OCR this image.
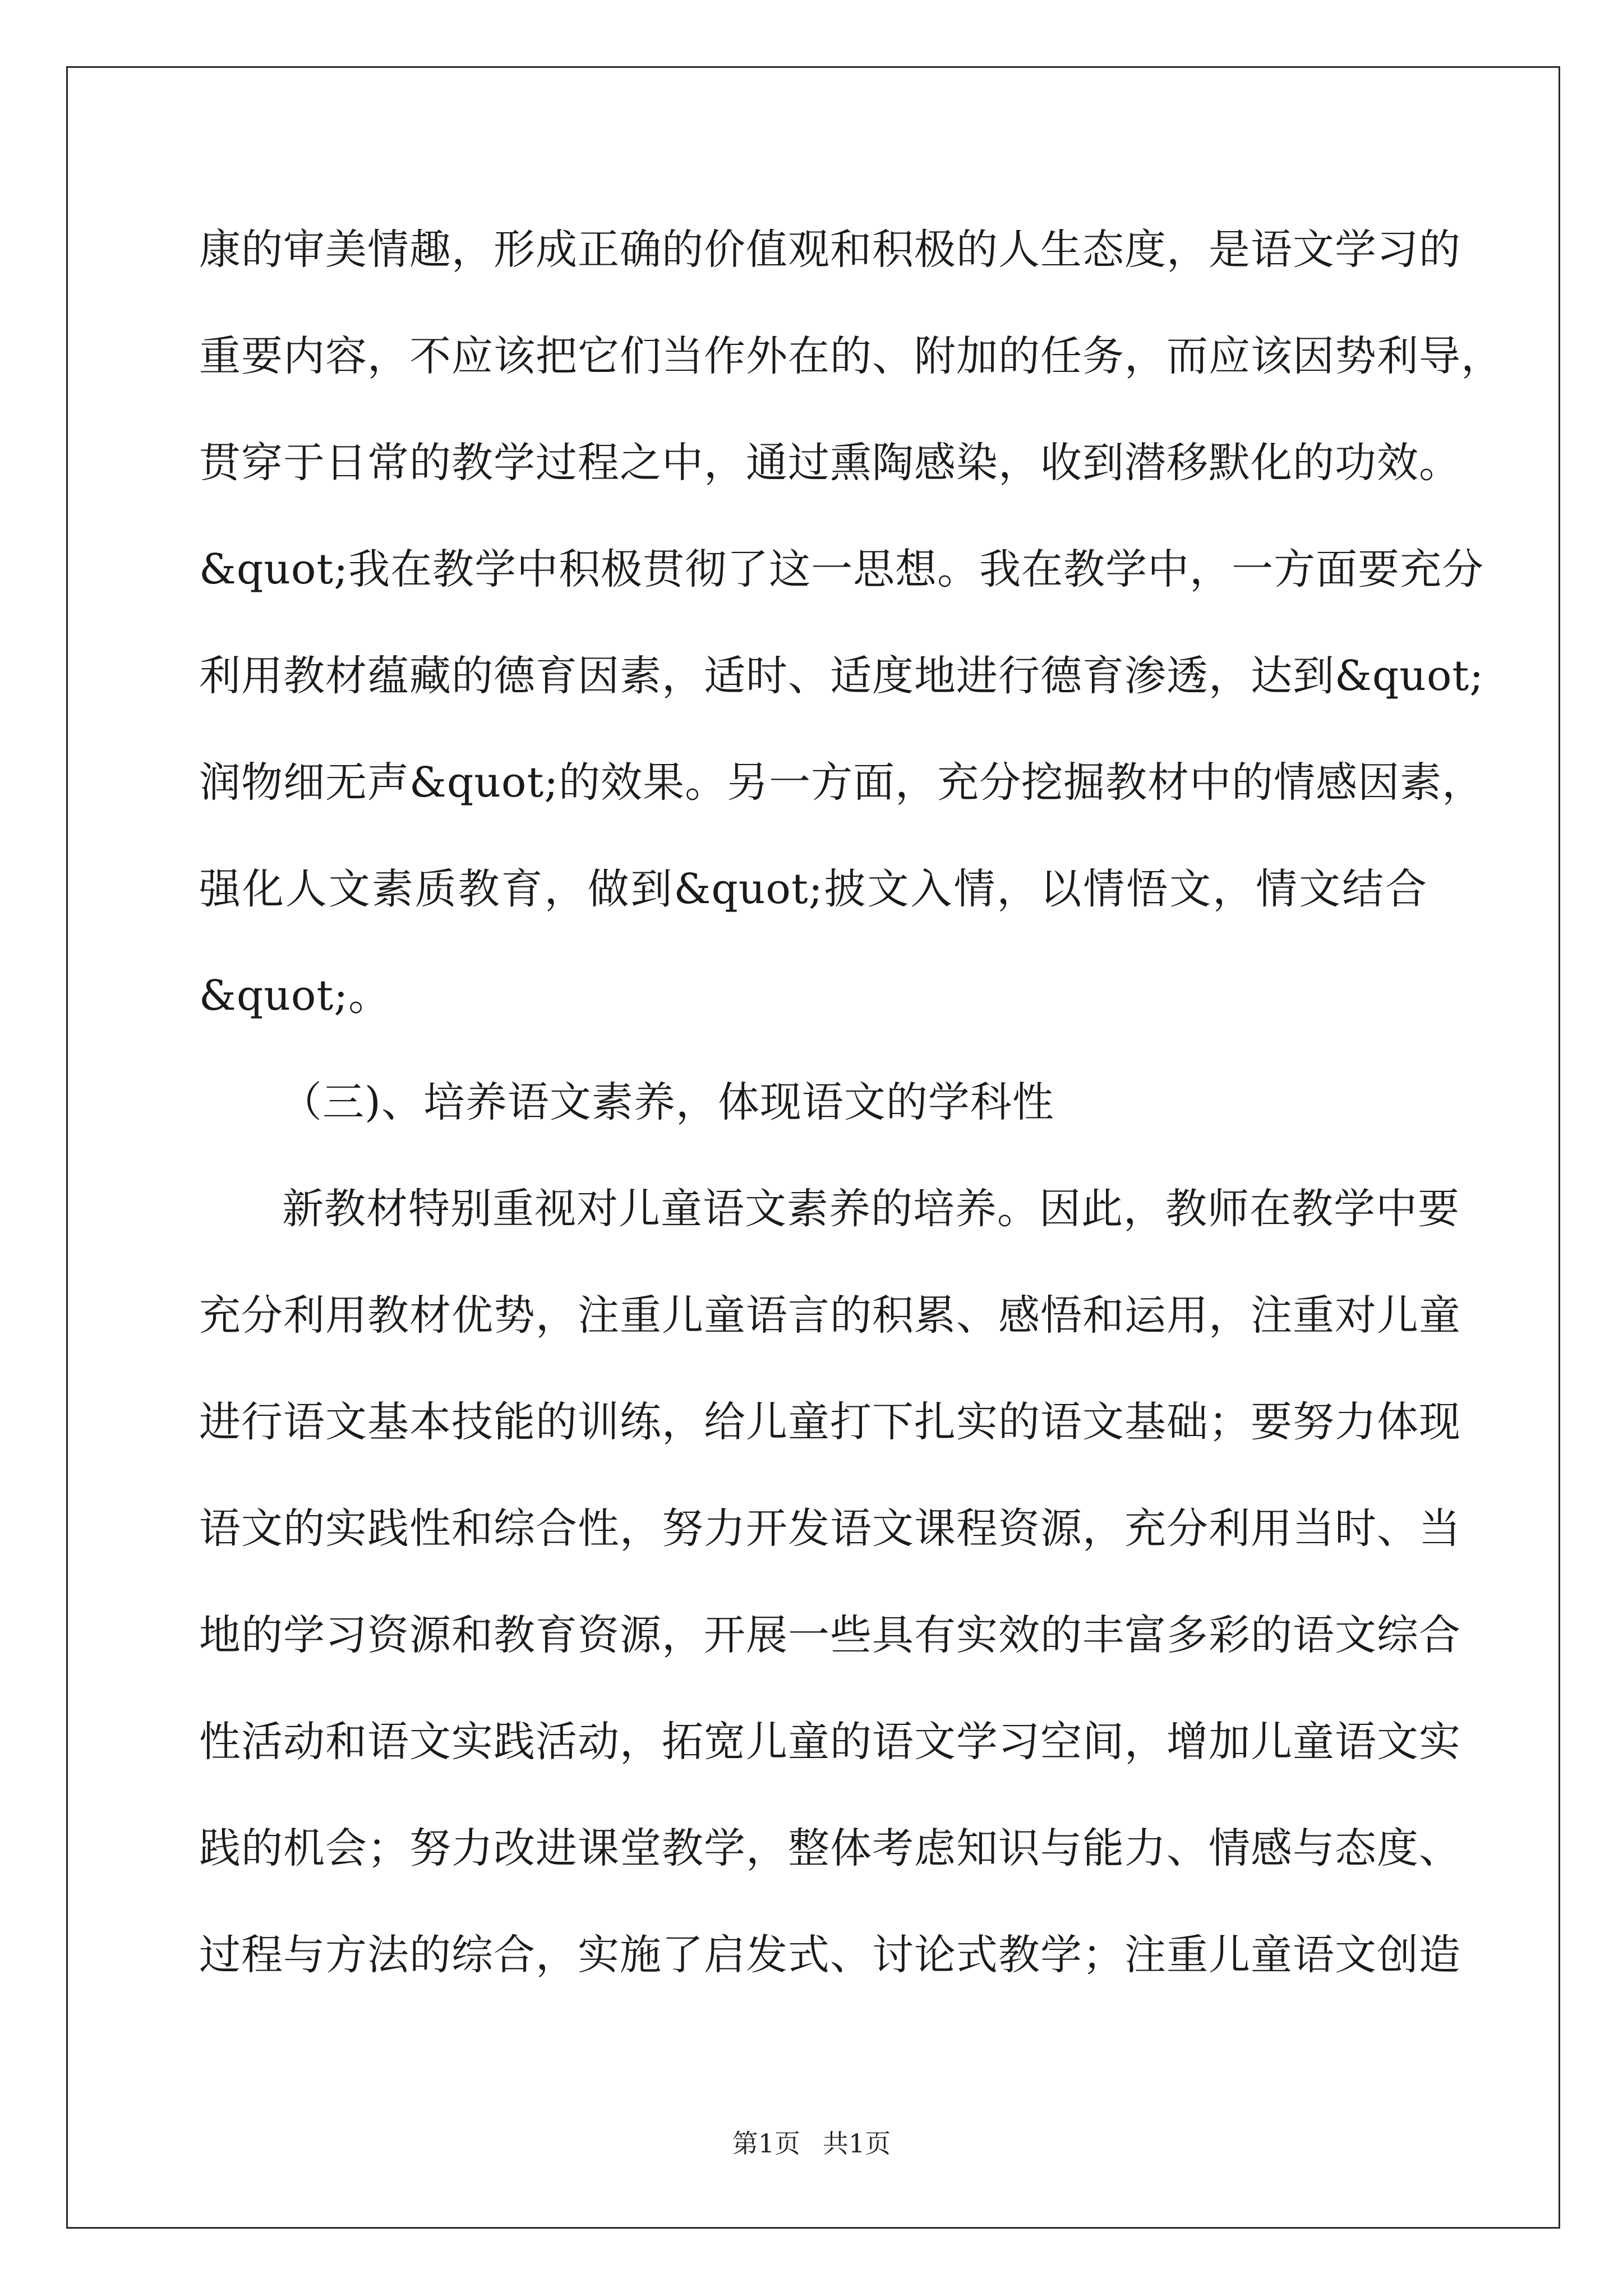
康的审美情趣，形成正确的价值观和积极的人生态度，是语文学习的
重要内容，不应该把它们当作外在的、附加的任务，而应该因势利导，
贯穿于日常的教学过程之中，通过熏陶感染，收到潜移默化的功效。
&quot;我在教学中积极贯彻了这一思想。我在教学中，一方面要充分
利用教材蕴藏的德育因素，适时、适度地进行德育渗透，达到&quot;
润物细无声&quot;的效果。另一方面，充分挖掘教材中的情感因素，
强化人文素质教育，做到&quot;披文入情，以情悟文，情文结合
&quot;。
（三)、培养语文素养，体现语文的学科性
新教材特别重视对儿童语文素养的培养。因此，教师在教学中要
充分利用教材优势，注重儿童语言的积累、感悟和运用，注重对儿童
进行语文基本技能的训练，给儿童打下扎实的语文基础；要努力体现
语文的实践性和综合性，努力开发语文课程资源，充分利用当时、当
地的学习资源和教育资源，开展一些具有实效的丰富多彩的语文综合
性活动和语文实践活动，拓宽儿童的语文学习空间，增加儿童语文实
践的机会；努力改进课堂教学，整体考虑知识与能力、情感与态度、
过程与方法的综合，实施了启发式、讨论式教学；注重儿童语文创造
第1页 共1页
